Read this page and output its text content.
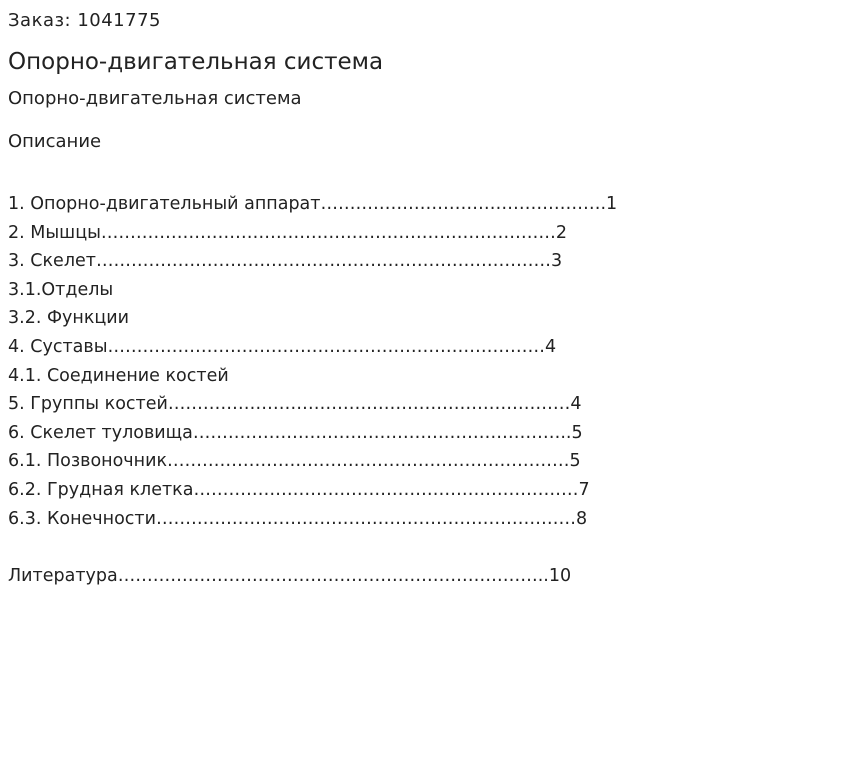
Заказ: 1041775
Опорно-двигательная система
Опорно-двигательная система
Описание
1. Опорно-двигательный аппарат………………………………………….1
2. Мышцы……………………………………………………………………2
3. Скелет……………………………………………………………………3
3.1.Отделы
3.2. Функции
4. Суставы…………………………………………………………………4
4.1. Соединение костей
5. Группы костей……………………………………………………………4
6. Скелет туловища………………………………………………………..5
6.1. Позвоночник……………………………………………………………5
6.2. Грудная клетка…………………………………………………………7
6.3. Конечности………………………………………………………………8
Литература………………………………………………………………..10
